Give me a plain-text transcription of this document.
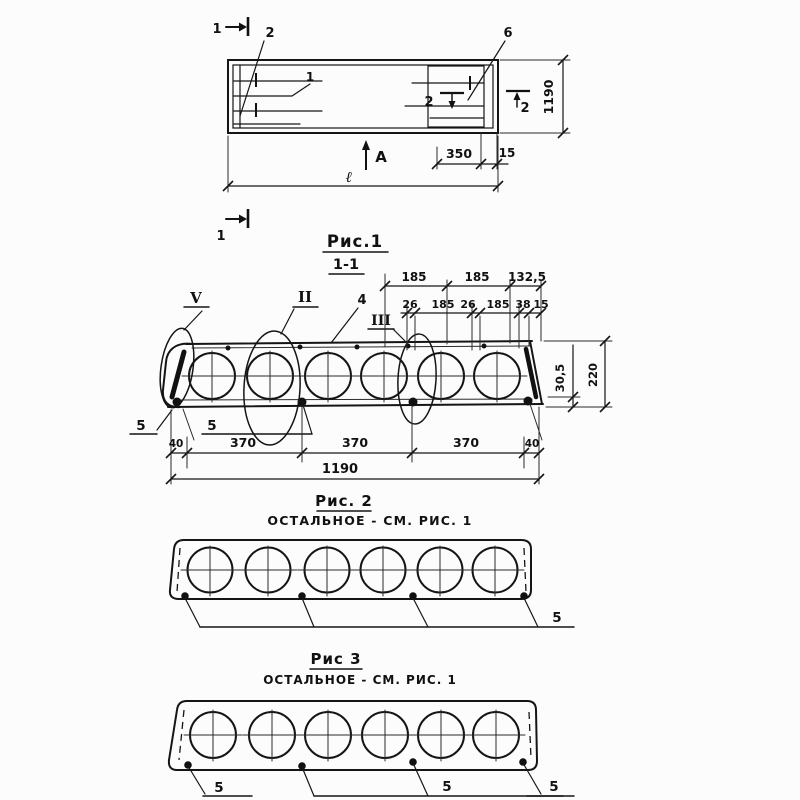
1	2
1
6
2	2 1190
350 15
А
ℓ
1	Рис.1
1-1
V	II
III
4
185	185 132,5
26 185 26 185 38 15
30,5 220
5	5
40	370	370	370	40
1190
Рис. 2
ОСТАЛЬНОЕ - СМ. РИС. 1
5
Рис 3
ОСТАЛЬНОЕ - СМ. РИС. 1
5	5	5
